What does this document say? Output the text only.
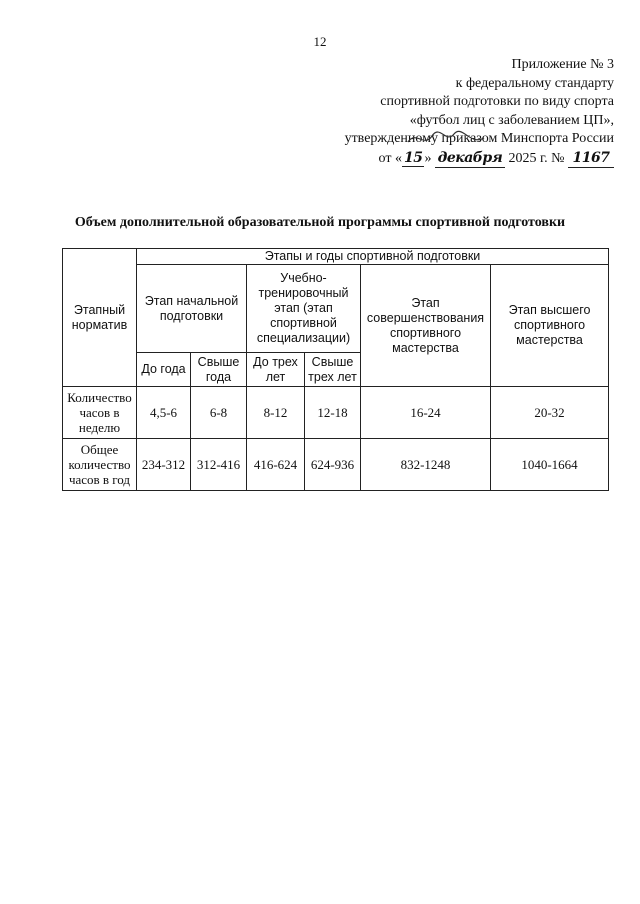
12
Приложение № 3
к федеральному стандарту
спортивной подготовки по виду спорта
«футбол лиц с заболеванием ЦП»,
утвержденному приказом Минспорта России
от « 15 » декабря 2025 г. № 1167
Объем дополнительной образовательной программы спортивной подготовки
Этапный норматив	Этапы и годы спортивной подготовки					
	Этап начальной подготовки		Учебно-тренировочный этап (этап спортивной специализации)		Этап совершенствования спортивного мастерства	Этап высшего спортивного мастерства
	До года	Свыше года	До трех лет	Свыше трех лет		
Количество часов в неделю	4,5-6	6-8	8-12	12-18	16-24	20-32
Общее количество часов в год	234-312	312-416	416-624	624-936	832-1248	1040-1664
